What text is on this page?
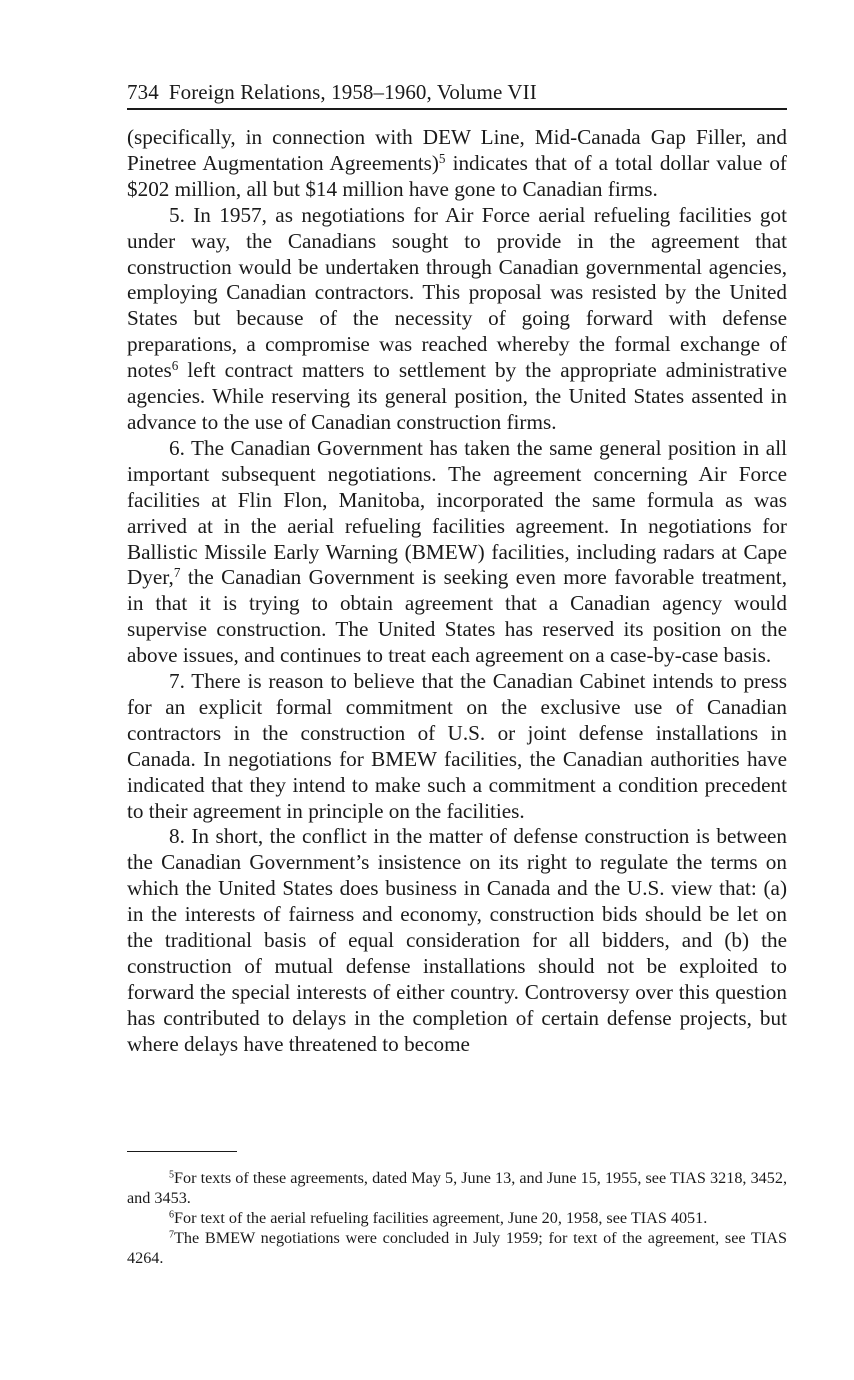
734 Foreign Relations, 1958–1960, Volume VII

(specifically, in connection with DEW Line, Mid-Canada Gap Filler, and Pinetree Augmentation Agreements)$^5$ indicates that of a total dollar value of $202 million, all but $14 million have gone to Canadian firms.

5. In 1957, as negotiations for Air Force aerial refueling facilities got under way, the Canadians sought to provide in the agreement that construction would be undertaken through Canadian governmental agencies, employing Canadian contractors. This proposal was resisted by the United States but because of the necessity of going forward with defense preparations, a compromise was reached whereby the formal exchange of notes$^6$ left contract matters to settlement by the appropriate administrative agencies. While reserving its general position, the United States assented in advance to the use of Canadian construction firms.

6. The Canadian Government has taken the same general position in all important subsequent negotiations. The agreement concerning Air Force facilities at Flin Flon, Manitoba, incorporated the same formula as was arrived at in the aerial refueling facilities agreement. In negotiations for Ballistic Missile Early Warning (BMEW) facilities, including radars at Cape Dyer,$^7$ the Canadian Government is seeking even more favorable treatment, in that it is trying to obtain agreement that a Canadian agency would supervise construction. The United States has reserved its position on the above issues, and continues to treat each agreement on a case-by-case basis.

7. There is reason to believe that the Canadian Cabinet intends to press for an explicit formal commitment on the exclusive use of Canadian contractors in the construction of U.S. or joint defense installations in Canada. In negotiations for BMEW facilities, the Canadian authorities have indicated that they intend to make such a commitment a condition precedent to their agreement in principle on the facilities.

8. In short, the conflict in the matter of defense construction is between the Canadian Government’s insistence on its right to regulate the terms on which the United States does business in Canada and the U.S. view that: (a) in the interests of fairness and economy, construction bids should be let on the traditional basis of equal consideration for all bidders, and (b) the construction of mutual defense installations should not be exploited to forward the special interests of either country. Controversy over this question has contributed to delays in the completion of certain defense projects, but where delays have threatened to become

$^5$For texts of these agreements, dated May 5, June 13, and June 15, 1955, see TIAS 3218, 3452, and 3453.

$^6$For text of the aerial refueling facilities agreement, June 20, 1958, see TIAS 4051.

$^7$The BMEW negotiations were concluded in July 1959; for text of the agreement, see TIAS 4264.
